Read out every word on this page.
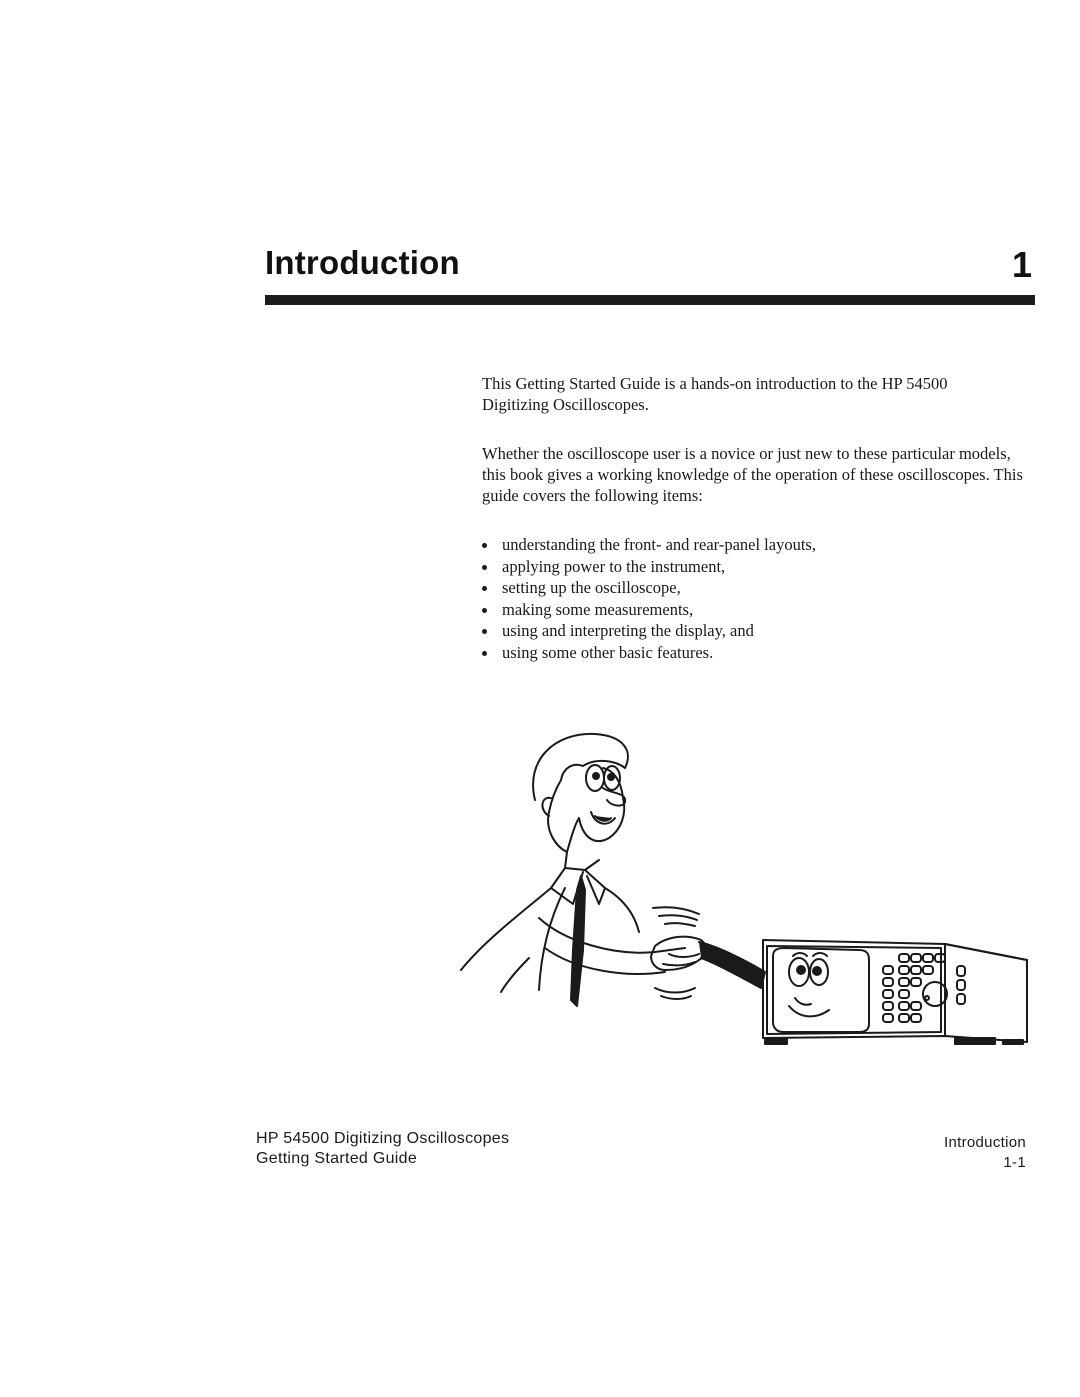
Introduction	1

This Getting Started Guide is a hands-on introduction to the HP 54500 Digitizing Oscilloscopes.

Whether the oscilloscope user is a novice or just new to these particular models, this book gives a working knowledge of the operation of these oscilloscopes. This guide covers the following items:

understanding the front- and rear-panel layouts,
applying power to the instrument,
setting up the oscilloscope,
making some measurements,
using and interpreting the display, and
using some other basic features.
HP 54500 Digitizing Oscilloscopes
Getting Started Guide
Introduction
1-1
